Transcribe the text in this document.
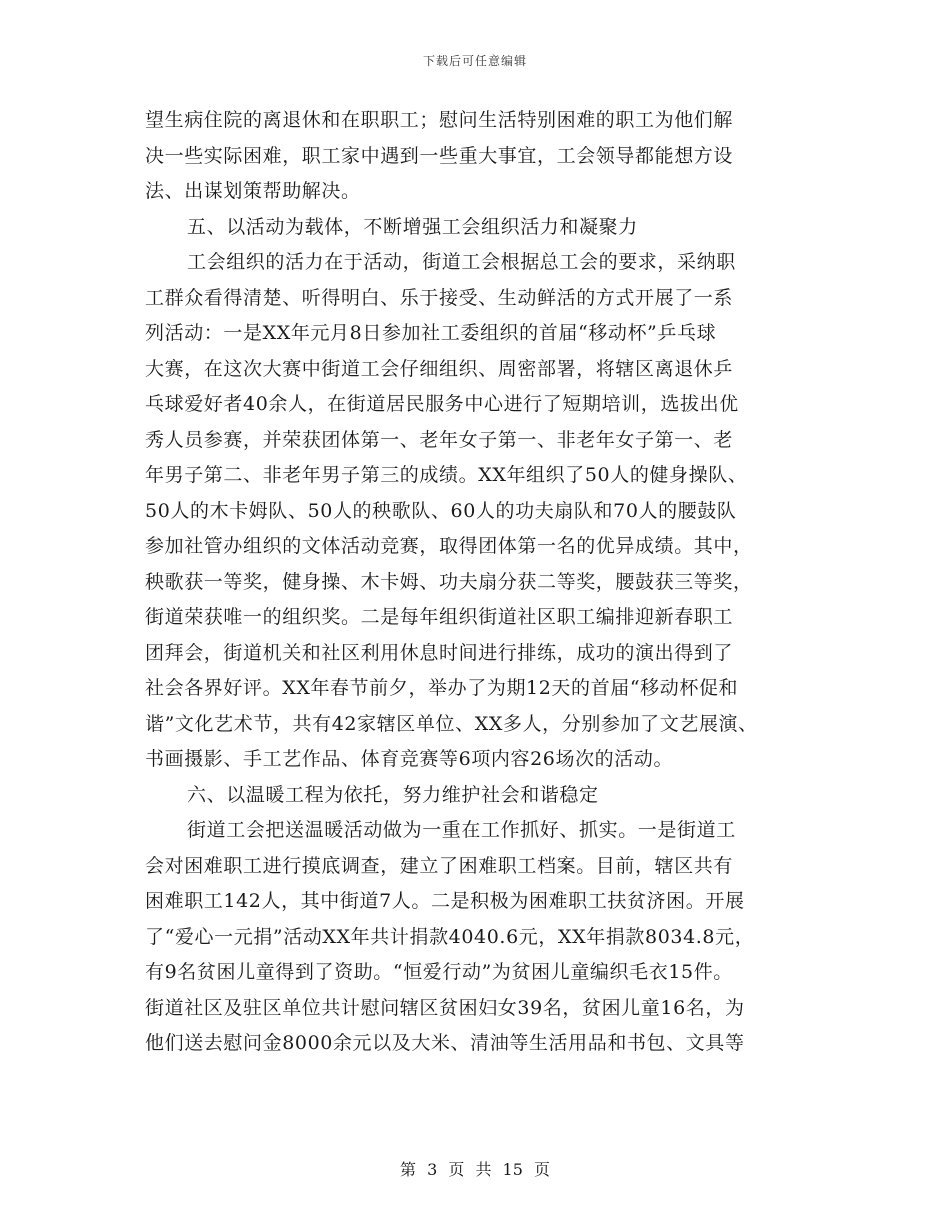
下载后可任意编辑
望生病住院的离退休和在职职工；慰问生活特别困难的职工为他们解
决一些实际困难，职工家中遇到一些重大事宜，工会领导都能想方设
法、出谋划策帮助解决。
五、以活动为载体，不断增强工会组织活力和凝聚力
工会组织的活力在于活动，街道工会根据总工会的要求，采纳职
工群众看得清楚、听得明白、乐于接受、生动鲜活的方式开展了一系
列活动：一是XX年元月8日参加社工委组织的首届“移动杯”乒乓球
大赛，在这次大赛中街道工会仔细组织、周密部署，将辖区离退休乒
乓球爱好者40余人，在街道居民服务中心进行了短期培训，选拔出优
秀人员参赛，并荣获团体第一、老年女子第一、非老年女子第一、老
年男子第二、非老年男子第三的成绩。XX年组织了50人的健身操队、
50人的木卡姆队、50人的秧歌队、60人的功夫扇队和70人的腰鼓队
参加社管办组织的文体活动竞赛，取得团体第一名的优异成绩。其中，
秧歌获一等奖，健身操、木卡姆、功夫扇分获二等奖，腰鼓获三等奖，
街道荣获唯一的组织奖。二是每年组织街道社区职工编排迎新春职工
团拜会，街道机关和社区利用休息时间进行排练，成功的演出得到了
社会各界好评。XX年春节前夕，举办了为期12天的首届“移动杯促和
谐”文化艺术节，共有42家辖区单位、XX多人，分别参加了文艺展演、
书画摄影、手工艺作品、体育竞赛等6项内容26场次的活动。
六、以温暖工程为依托，努力维护社会和谐稳定
街道工会把送温暖活动做为一重在工作抓好、抓实。一是街道工
会对困难职工进行摸底调查，建立了困难职工档案。目前，辖区共有
困难职工142人，其中街道7人。二是积极为困难职工扶贫济困。开展
了“爱心一元捐”活动XX年共计捐款4040.6元，XX年捐款8034.8元，
有9名贫困儿童得到了资助。“恒爱行动”为贫困儿童编织毛衣15件。
街道社区及驻区单位共计慰问辖区贫困妇女39名，贫困儿童16名，为
他们送去慰问金8000余元以及大米、清油等生活用品和书包、文具等
第 3 页 共 15 页
